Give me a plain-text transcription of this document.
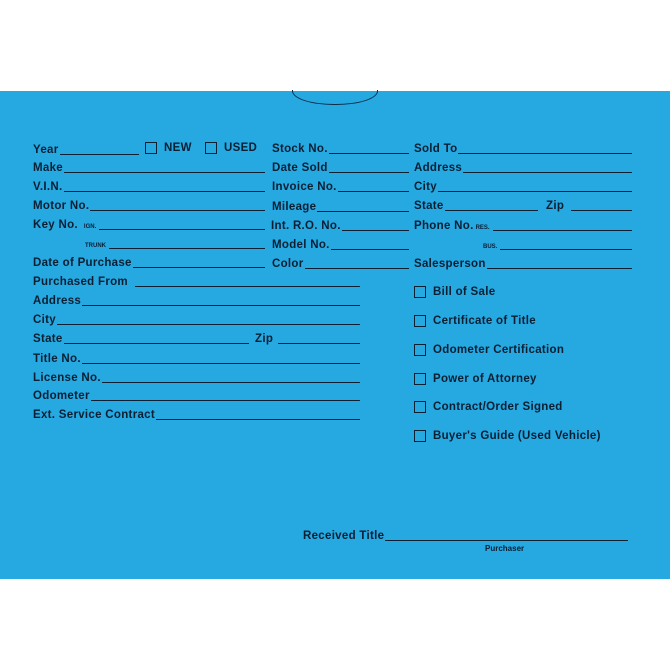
Year	NEW	USED
Make
V.I.N.
Motor No.
Key No. IGN.
TRUNK
Date of Purchase
Stock No.
Date Sold
Invoice No.
Mileage
Int. R.O. No.
Model No.
Color
Sold To
Address
City
State	Zip
Phone No. RES.
BUS.
Salesperson
Purchased From
Address
City
State	Zip
Title No.
License No.
Odometer
Ext. Service Contract
Bill of Sale
Certificate of Title
Odometer Certification
Power of Attorney
Contract/Order Signed
Buyer's Guide (Used Vehicle)
Received Title
Purchaser
